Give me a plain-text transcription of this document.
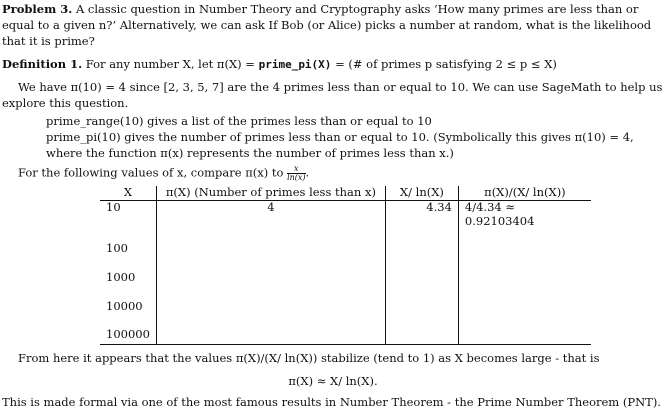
Problem 3. A classic question in Number Theory and Cryptography asks ‘How many primes are less than or
equal to a given n?’ Alternatively, we can ask If Bob (or Alice) picks a number at random, what is the likelihood
that it is prime?
Definition 1. For any number X, let π(X) = prime_pi(X) = (# of primes p satisfying 2 ≤ p ≤ X)
We have π(10) = 4 since [2, 3, 5, 7] are the 4 primes less than or equal to 10. We can use SageMath to help us
explore this question.
prime_range(10) gives a list of the primes less than or equal to 10
prime_pi(10) gives the number of primes less than or equal to 10. (Symbolically this gives π(10) = 4,
where the function π(x) represents the number of primes less than x.)
For the following values of x, compare π(x) to $\frac{x}{\ln(x)}$ .
X	π(X) (Number of primes less than x)	X/ ln(X)	π(X)/(X/ ln(X))
10	4	4.34	4/4.34 ≈ 0.92103404
100			
1000			
10000			
100000			
From here it appears that the values π(X)/(X/ ln(X)) stabilize (tend to 1) as X becomes large - that is
π(X) ≈ X/ ln(X).
This is made formal via one of the most famous results in Number Theorem - the Prime Number Theorem (PNT).
